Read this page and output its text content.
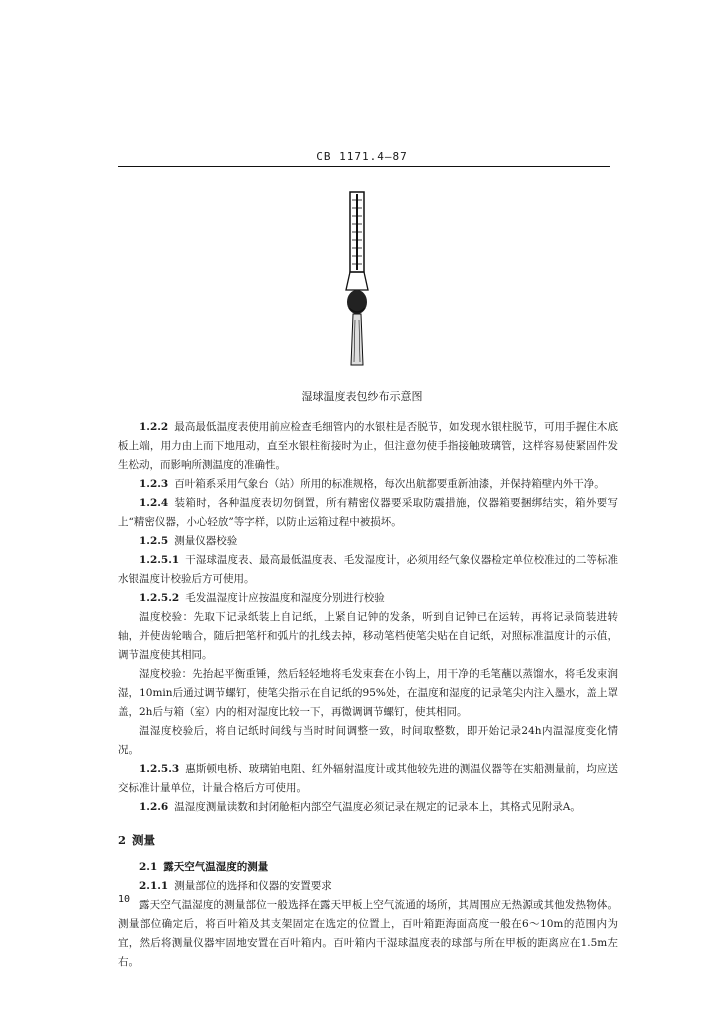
CB 1171.4—87
湿球温度表包纱布示意图

1.2.2 最高最低温度表使用前应检查毛细管内的水银柱是否脱节，如发现水银柱脱节，可用手握住木底板上端，用力由上而下地甩动，直至水银柱衔接时为止，但注意勿使手指接触玻璃管，这样容易使紧固件发生松动，而影响所测温度的准确性。

1.2.3 百叶箱系采用气象台（站）所用的标准规格，每次出航都要重新油漆，并保持箱壁内外干净。

1.2.4 装箱时，各种温度表切勿倒置，所有精密仪器要采取防震措施，仪器箱要捆绑结实，箱外要写上“精密仪器，小心轻放”等字样，以防止运箱过程中被损坏。

1.2.5 测量仪器校验

1.2.5.1 干湿球温度表、最高最低温度表、毛发湿度计，必须用经气象仪器检定单位校准过的二等标准水银温度计校验后方可使用。

1.2.5.2 毛发温湿度计应按温度和湿度分别进行校验

温度校验：先取下记录纸装上自记纸，上紧自记钟的发条，听到自记钟已在运转，再将记录筒装进转轴，并使齿轮啮合，随后把笔杆和弧片的扎线去掉，移动笔档使笔尖贴在自记纸，对照标准温度计的示值，调节温度使其相同。

湿度校验：先抬起平衡重锤，然后轻轻地将毛发束套在小钩上，用干净的毛笔蘸以蒸馏水，将毛发束润湿，10min后通过调节螺钉，使笔尖指示在自记纸的95%处，在温度和湿度的记录笔尖内注入墨水，盖上罩盖，2h后与箱（室）内的相对湿度比较一下，再微调调节螺钉，使其相同。

温湿度校验后，将自记纸时间线与当时时间调整一致，时间取整数，即开始记录24h内温湿度变化情况。

1.2.5.3 惠斯顿电桥、玻璃铂电阻、红外辐射温度计或其他较先进的测温仪器等在实船测量前，均应送交标准计量单位，计量合格后方可使用。

1.2.6 温湿度测量读数和封闭舱柜内部空气温度必须记录在规定的记录本上，其格式见附录A。

2 测量

2.1 露天空气温湿度的测量

2.1.1 测量部位的选择和仪器的安置要求

露天空气温湿度的测量部位一般选择在露天甲板上空气流通的场所，其周围应无热源或其他发热物体。测量部位确定后，将百叶箱及其支架固定在选定的位置上，百叶箱距海面高度一般在6～10m的范围内为宜，然后将测量仪器牢固地安置在百叶箱内。百叶箱内干湿球温度表的球部与所在甲板的距离应在1.5m左右。

10
